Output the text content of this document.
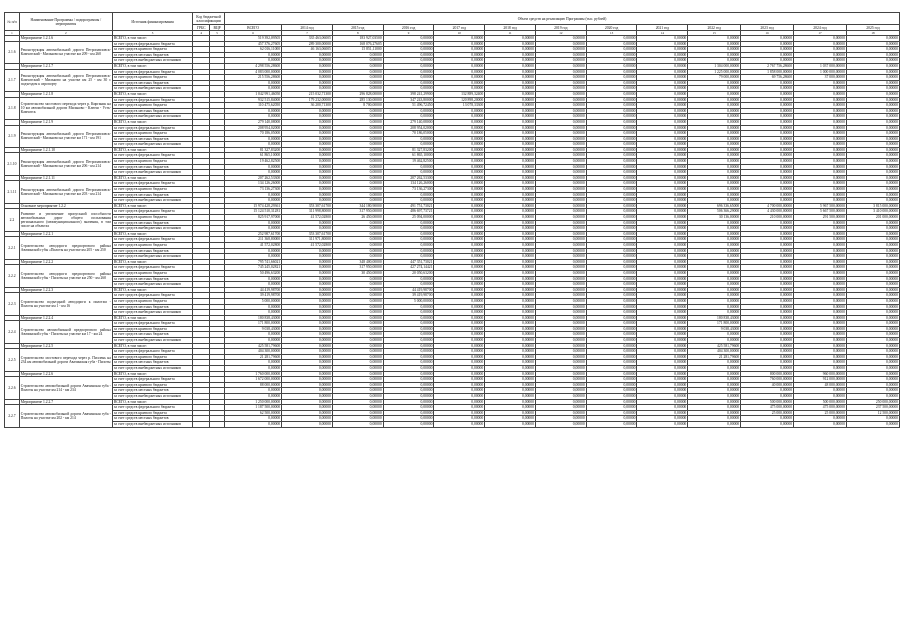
№ п/п	Наименование Программы / подпрограммы / мероприятия	Источник финансирования	Код бюджетной классификации		Объем средств на реализацию Программы (тыс. рублей)												
			ГРБС	ВЦР	ВСЕГО	2014 год	2015 год	2016 год	2017 год	2018 год	2019 год	2020 год	2021 год	2022 год	2023 год	2024 год	2025 год
1	2	3	4	5	6	7	8	9	10	11	12	13	14	15	16	17	18
	Мероприятие 1.2.1.6	ВСЕГО, в том числе:			519 392,09505	335 463,06005	183 927,03500	0,00000	0,00000	0,00000	0,00000	0,00000	0,00000	0,00000	0,00000	0,00000	0,00000
2.1.6	Реконструкция автомобильной дороги Петропавловск-Камчатский - Мильково на участке км 209 - км 260	за счет средств федерального бюджета			457 376,27605	289 300,00000	168 076,27605	0,00000	0,00000	0,00000	0,00000	0,00000	0,00000	0,00000	0,00000	0,00000	0,00000
		за счет средств краевого бюджета			62 016,11000	46 163,06005	15 851,11000	0,00000	0,00000	0,00000	0,00000	0,00000	0,00000	0,00000	0,00000	0,00000	0,00000
		за счет средств местных бюджетов			0,00000	0,00000	0,00000	0,00000	0,00000	0,00000	0,00000	0,00000	0,00000	0,00000	0,00000	0,00000	0,00000
		за счет средств внебюджетных источников			0,00000	0,00000	0,00000	0,00000	0,00000	0,00000	0,00000	0,00000	0,00000	0,00000	0,00000	0,00000	0,00000
	Мероприятие 1.2.1.7	ВСЕГО, в том числе:			4 298 556,28600	0,00000	0,00000	0,00000	0,00000	0,00000	0,00000	0,00000	0,00000	1 304 000,00000	2 767 756,28600	1 037 000,00000	0,00000
2.1.7	Реконструкция автомобильной дороги Петропавловск-Камчатский - Мильково на участке км 25 - км 30 с подъездом к аэропорту	за счет средств федерального бюджета			4 083 000,00000	0,00000	0,00000	0,00000	0,00000	0,00000	0,00000	0,00000	0,00000	1 225 000,00000	1 858 000,00000	1 000 000,00000	0,00000
		за счет средств краевого бюджета			215 556,28600	0,00000	0,00000	0,00000	0,00000	0,00000	0,00000	0,00000	0,00000	79 000,00000	69 756,28600	37 000,00000	0,00000
		за счет средств местных бюджетов			0,00000	0,00000	0,00000	0,00000	0,00000	0,00000	0,00000	0,00000	0,00000	0,00000	0,00000	0,00000	0,00000
		за счет средств внебюджетных источников			0,00000	0,00000	0,00000	0,00000	0,00000	0,00000	0,00000	0,00000	0,00000	0,00000	0,00000	0,00000	0,00000
	Мероприятие 1.2.1.8	ВСЕГО, в том числе:			1 042 991,46050	215 032,71300	296 828,00000	398 241,29900	132 889,32400	0,00000	0,00000	0,00000	0,00000	0,00000	0,00000	0,00000	0,00000
2.1.8	Строительство мостового перехода через р. Кирганик на 10 км автомобильной дороги Мильково - Ключи - Усть-Камчатск	за счет средств федерального бюджета			932 515,84000	179 232,00000	285 130,00000	347 243,80000	120 898,20000	0,00000	0,00000	0,00000	0,00000	0,00000	0,00000	0,00000	0,00000
		за счет средств краевого бюджета			110 475,62050	36 200,71300	8 700,00000	51 496,72450	13 078,33300	0,00000	0,00000	0,00000	0,00000	0,00000	0,00000	0,00000	0,00000
		за счет средств местных бюджетов			0,00000	0,00000	0,00000	0,00000	0,00000	0,00000	0,00000	0,00000	0,00000	0,00000	0,00000	0,00000	0,00000
		за счет средств внебюджетных источников			0,00000	0,00000	0,00000	0,00000	0,00000	0,00000	0,00000	0,00000	0,00000	0,00000	0,00000	0,00000	0,00000
	Мероприятие 1.2.1.9	ВСЕГО, в том числе:			279 140,08000	0,00000	0,00000	279 140,08000	0,00000	0,00000	0,00000	0,00000	0,00000	0,00000	0,00000	0,00000	0,00000
2.1.9	Реконструкция автомобильной дороги Петропавловск-Камчатский - Мильково на участке км 171 - км 191	за счет средств федерального бюджета			208 954,02000	0,00000	0,00000	208 954,02000	0,00000	0,00000	0,00000	0,00000	0,00000	0,00000	0,00000	0,00000	0,00000
		за счет средств краевого бюджета			70 186,05000	0,00000	0,00000	70 186,05000	0,00000	0,00000	0,00000	0,00000	0,00000	0,00000	0,00000	0,00000	0,00000
		за счет средств местных бюджетов			0,00000	0,00000	0,00000	0,00000	0,00000	0,00000	0,00000	0,00000	0,00000	0,00000	0,00000	0,00000	0,00000
		за счет средств внебюджетных источников			0,00000	0,00000	0,00000	0,00000	0,00000	0,00000	0,00000	0,00000	0,00000	0,00000	0,00000	0,00000	0,00000
	Мероприятие 1.2.1.10	ВСЕГО, в том числе:			81 327,83200	0,00000	0,00000	81 327,83200	0,00000	0,00000	0,00000	0,00000	0,00000	0,00000	0,00000	0,00000	0,00000
2.1.10	Реконструкция автомобильной дороги Петропавловск-Камчатский - Мильково на участке км 206 - км 214	за счет средств федерального бюджета			61 865,10000	0,00000	0,00000	61 865,10000	0,00000	0,00000	0,00000	0,00000	0,00000	0,00000	0,00000	0,00000	0,00000
		за счет средств краевого бюджета			19 462,82500	0,00000	0,00000	19 462,82500	0,00000	0,00000	0,00000	0,00000	0,00000	0,00000	0,00000	0,00000	0,00000
		за счет средств местных бюджетов			0,00000	0,00000	0,00000	0,00000	0,00000	0,00000	0,00000	0,00000	0,00000	0,00000	0,00000	0,00000	0,00000
		за счет средств внебюджетных источников			0,00000	0,00000	0,00000	0,00000	0,00000	0,00000	0,00000	0,00000	0,00000	0,00000	0,00000	0,00000	0,00000
	Мероприятие 1.2.1.11	ВСЕГО, в том числе:			207 262,53300	0,00000	0,00000	207 262,53300	0,00000	0,00000	0,00000	0,00000	0,00000	0,00000	0,00000	0,00000	0,00000
2.1.11	Реконструкция автомобильной дороги Петропавловск-Камчатский - Мильково на участке км 203 - км 214	за счет средств федерального бюджета			134 126,26000	0,00000	0,00000	134 126,26000	0,00000	0,00000	0,00000	0,00000	0,00000	0,00000	0,00000	0,00000	0,00000
		за счет средств краевого бюджета			73 136,27300	0,00000	0,00000	73 136,27300	0,00000	0,00000	0,00000	0,00000	0,00000	0,00000	0,00000	0,00000	0,00000
		за счет средств местных бюджетов			0,00000	0,00000	0,00000	0,00000	0,00000	0,00000	0,00000	0,00000	0,00000	0,00000	0,00000	0,00000	0,00000
		за счет средств внебюджетных источников			0,00000	0,00000	0,00000	0,00000	0,00000	0,00000	0,00000	0,00000	0,00000	0,00000	0,00000	0,00000	0,00000
	Основное мероприятие 1.2.2	ВСЕГО, в том числе:			15 974 428,29361	353 307,61700	344 180,90000	491 751,73021	0,00000	0,00000	0,00000	0,00000	0,00000	696 336,65000	4 700 000,00000	5 967 500,00000	3 815 000,00000
2.2	Развитие и увеличение пропускной способности автомобильных дорог общего пользования регионального (межмуниципального) значения, в том числе на объектах	за счет средств федерального бюджета			15 124 510,31281	311 998,80000	317 950,00000	486 697,73721	0,00000	0,00000	0,00000	0,00000	0,00000	506 366,29000	4 430 000,00000	5 667 500,00000	3 410 000,00000
		за счет средств краевого бюджета			825 917,97000	41 572,02800	26 450,00000	25 094,00000	0,00000	0,00000	0,00000	0,00000	0,00000	30 136,00000	210 000,00000	291 500,00000	201 000,00000
		за счет средств местных бюджетов			0,00000	0,00000	0,00000	0,00000	0,00000	0,00000	0,00000	0,00000	0,00000	0,00000	0,00000	0,00000	0,00000
		за счет средств внебюджетных источников			0,00000	0,00000	0,00000	0,00000	0,00000	0,00000	0,00000	0,00000	0,00000	0,00000	0,00000	0,00000	0,00000
	Мероприятие 1.2.2.1	ВСЕГО, в том числе:			252 987,61700	353 307,61700	0,00000	0,00000	0,00000	0,00000	0,00000	0,00000	0,00000	0,00000	0,00000	0,00000	0,00000
2.2.1	Строительство автодороги предпортового района Авачинской губы «Пилоты на участке км 205 - км 250	за счет средств федерального бюджета			211 368,80000	311 971,80000	0,00000	0,00000	0,00000	0,00000	0,00000	0,00000	0,00000	0,00000	0,00000	0,00000	0,00000
		за счет средств краевого бюджета			41 572,02800	41 572,02800	0,00000	0,00000	0,00000	0,00000	0,00000	0,00000	0,00000	0,00000	0,00000	0,00000	0,00000
		за счет средств местных бюджетов			0,00000	0,00000	0,00000	0,00000	0,00000	0,00000	0,00000	0,00000	0,00000	0,00000	0,00000	0,00000	0,00000
		за счет средств внебюджетных источников			0,00000	0,00000	0,00000	0,00000	0,00000	0,00000	0,00000	0,00000	0,00000	0,00000	0,00000	0,00000	0,00000
	Мероприятие 1.2.2.2	ВСЕГО, в том числе:			795 741,66021	0,00000	348 400,00000	447 351,73021	0,00000	0,00000	0,00000	0,00000	0,00000	0,00000	0,00000	0,00000	0,00000
2.2.2	Строительство автодороги предпортового района Авачинской губы - Пилоты на участке км 250 - км 260	за счет средств федерального бюджета			745 245,02821	0,00000	317 950,00000	427 274,14421	0,00000	0,00000	0,00000	0,00000	0,00000	0,00000	0,00000	0,00000	0,00000
		за счет средств краевого бюджета			50 496,63200	0,00000	30 450,00000	20 050,63200	0,00000	0,00000	0,00000	0,00000	0,00000	0,00000	0,00000	0,00000	0,00000
		за счет средств местных бюджетов			0,00000	0,00000	0,00000	0,00000	0,00000	0,00000	0,00000	0,00000	0,00000	0,00000	0,00000	0,00000	0,00000
		за счет средств внебюджетных источников			0,00000	0,00000	0,00000	0,00000	0,00000	0,00000	0,00000	0,00000	0,00000	0,00000	0,00000	0,00000	0,00000
	Мероприятие 1.2.2.3	ВСЕГО, в том числе:			44 419,98700	0,00000	0,00000	44 419,98700	0,00000	0,00000	0,00000	0,00000	0,00000	0,00000	0,00000	0,00000	0,00000
2.2.3	Строительство подъездной автодороги к пилотам - Пилоты на участке км 1 - км 16	за счет средств федерального бюджета			39 419,98700	0,00000	0,00000	39 419,98700	0,00000	0,00000	0,00000	0,00000	0,00000	0,00000	0,00000	0,00000	0,00000
		за счет средств краевого бюджета			5 000,00000	0,00000	0,00000	5 000,00000	0,00000	0,00000	0,00000	0,00000	0,00000	0,00000	0,00000	0,00000	0,00000
		за счет средств местных бюджетов			0,00000	0,00000	0,00000	0,00000	0,00000	0,00000	0,00000	0,00000	0,00000	0,00000	0,00000	0,00000	0,00000
		за счет средств внебюджетных источников			0,00000	0,00000	0,00000	0,00000	0,00000	0,00000	0,00000	0,00000	0,00000	0,00000	0,00000	0,00000	0,00000
	Мероприятие 1.2.2.4	ВСЕГО, в том числе:			180 838,43000	0,00000	0,00000	0,00000	0,00000	0,00000	0,00000	0,00000	0,00000	180 838,43000	0,00000	0,00000	0,00000
2.2.4	Строительство автомобильной предпортового района Авачинской губы - Пилоты на участке км 17 - км 24	за счет средств федерального бюджета			171 800,00000	0,00000	0,00000	0,00000	0,00000	0,00000	0,00000	0,00000	0,00000	171 800,00000	0,00000	0,00000	0,00000
		за счет средств краевого бюджета			9 038,43000	0,00000	0,00000	0,00000	0,00000	0,00000	0,00000	0,00000	0,00000	9 038,43000	0,00000	0,00000	0,00000
		за счет средств местных бюджетов			0,00000	0,00000	0,00000	0,00000	0,00000	0,00000	0,00000	0,00000	0,00000	0,00000	0,00000	0,00000	0,00000
		за счет средств внебюджетных источников			0,00000	0,00000	0,00000	0,00000	0,00000	0,00000	0,00000	0,00000	0,00000	0,00000	0,00000	0,00000	0,00000
	Мероприятие 1.2.2.5	ВСЕГО, в том числе:			425 581,79600	0,00000	0,00000	0,00000	0,00000	0,00000	0,00000	0,00000	0,00000	425 581,79600	0,00000	0,00000	0,00000
2.2.5	Строительство мостового перехода через р. Пиллень на 234 км автомобильной дороги Авачинская губа - Пилоты	за счет средств федерального бюджета			404 300,00000	0,00000	0,00000	0,00000	0,00000	0,00000	0,00000	0,00000	0,00000	404 300,00000	0,00000	0,00000	0,00000
		за счет средств краевого бюджета			21 281,79600	0,00000	0,00000	0,00000	0,00000	0,00000	0,00000	0,00000	0,00000	21 281,79600	0,00000	0,00000	0,00000
		за счет средств местных бюджетов			0,00000	0,00000	0,00000	0,00000	0,00000	0,00000	0,00000	0,00000	0,00000	0,00000	0,00000	0,00000	0,00000
		за счет средств внебюджетных источников			0,00000	0,00000	0,00000	0,00000	0,00000	0,00000	0,00000	0,00000	0,00000	0,00000	0,00000	0,00000	0,00000
	Мероприятие 1.2.2.6	ВСЕГО, в том числе:			1 760 000,00000	0,00000	0,00000	0,00000	0,00000	0,00000	0,00000	0,00000	0,00000	0,00000	800 000,00000	960 000,00000	0,00000
2.2.6	Строительство автомобильной дороги Авачинская губа - Пилоты на участке км 214 - км 234	за счет средств федерального бюджета			1 672 000,00000	0,00000	0,00000	0,00000	0,00000	0,00000	0,00000	0,00000	0,00000	0,00000	760 000,00000	912 000,00000	0,00000
		за счет средств краевого бюджета			88 000,00000	0,00000	0,00000	0,00000	0,00000	0,00000	0,00000	0,00000	0,00000	0,00000	40 000,00000	48 000,00000	0,00000
		за счет средств местных бюджетов			0,00000	0,00000	0,00000	0,00000	0,00000	0,00000	0,00000	0,00000	0,00000	0,00000	0,00000	0,00000	0,00000
		за счет средств внебюджетных источников			0,00000	0,00000	0,00000	0,00000	0,00000	0,00000	0,00000	0,00000	0,00000	0,00000	0,00000	0,00000	0,00000
	Мероприятие 1.2.2.7	ВСЕГО, в том числе:			1 250 000,00000	0,00000	0,00000	0,00000	0,00000	0,00000	0,00000	0,00000	0,00000	0,00000	500 000,00000	500 000,00000	250 000,00000
2.2.7	Строительство автомобильной дороги Авачинская губа - Пилоты на участке км 202 - км 214	за счет средств федерального бюджета			1 187 500,00000	0,00000	0,00000	0,00000	0,00000	0,00000	0,00000	0,00000	0,00000	0,00000	475 000,00000	475 000,00000	237 500,00000
		за счет средств краевого бюджета			62 500,00000	0,00000	0,00000	0,00000	0,00000	0,00000	0,00000	0,00000	0,00000	0,00000	25 000,00000	25 000,00000	12 500,00000
		за счет средств местных бюджетов			0,00000	0,00000	0,00000	0,00000	0,00000	0,00000	0,00000	0,00000	0,00000	0,00000	0,00000	0,00000	0,00000
		за счет средств внебюджетных источников			0,00000	0,00000	0,00000	0,00000	0,00000	0,00000	0,00000	0,00000	0,00000	0,00000	0,00000	0,00000	0,00000
